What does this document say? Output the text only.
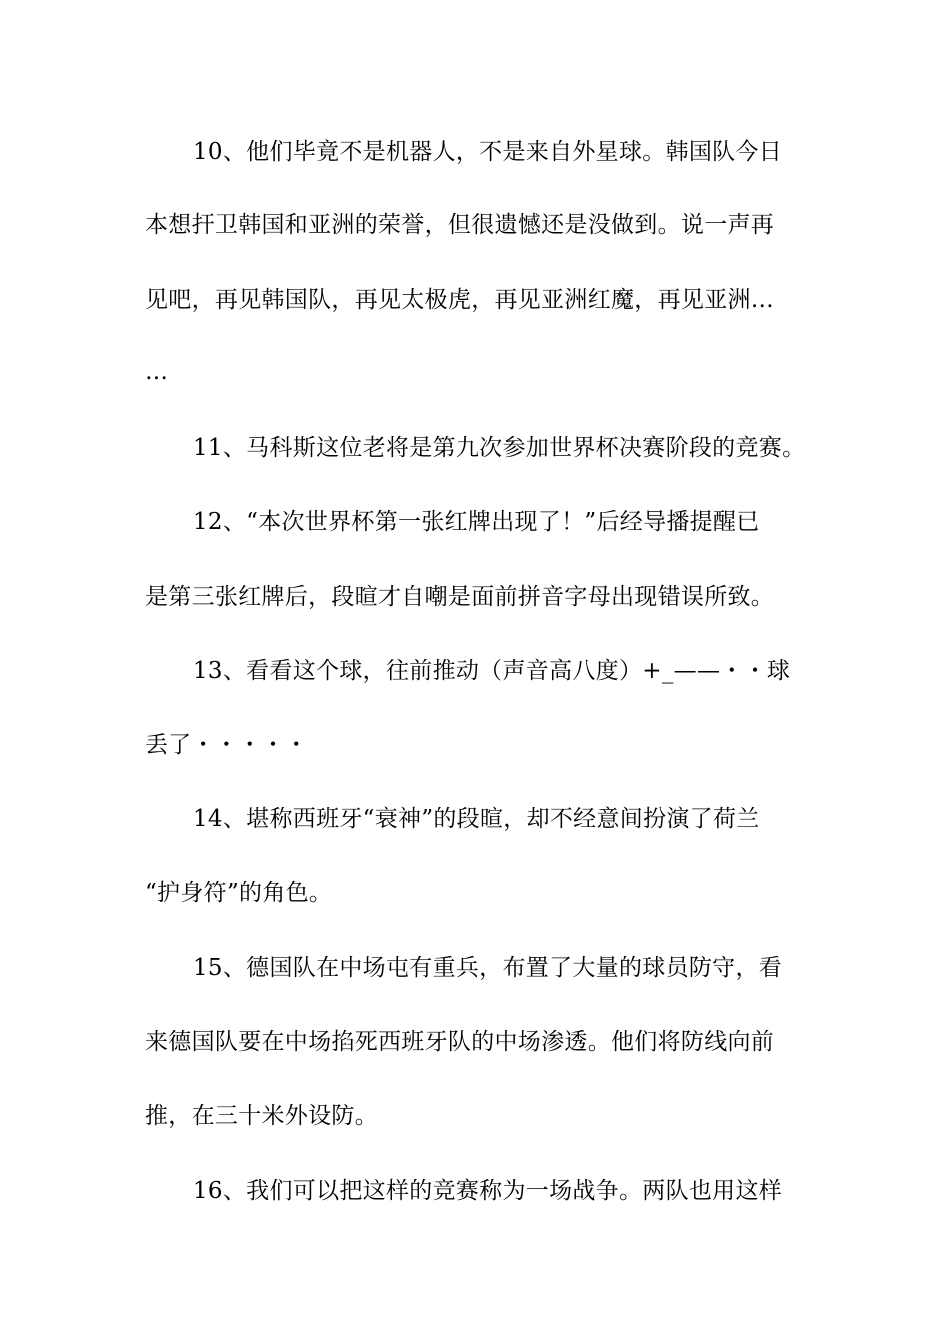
10、他们毕竟不是机器人，不是来自外星球。韩国队今日
本想扞卫韩国和亚洲的荣誉，但很遗憾还是没做到。说一声再
见吧，再见韩国队，再见太极虎，再见亚洲红魔，再见亚洲…
…
11、马科斯这位老将是第九次参加世界杯决赛阶段的竞赛。
12、“本次世界杯第一张红牌出现了！”后经导播提醒已
是第三张红牌后，段暄才自嘲是面前拼音字母出现错误所致。
13、看看这个球，往前推动（声音高八度）+_——・・球
丢了・・・・・
14、堪称西班牙“衰神”的段暄，却不经意间扮演了荷兰
“护身符”的角色。
15、德国队在中场屯有重兵，布置了大量的球员防守，看
来德国队要在中场掐死西班牙队的中场渗透。他们将防线向前
推，在三十米外设防。
16、我们可以把这样的竞赛称为一场战争。两队也用这样
